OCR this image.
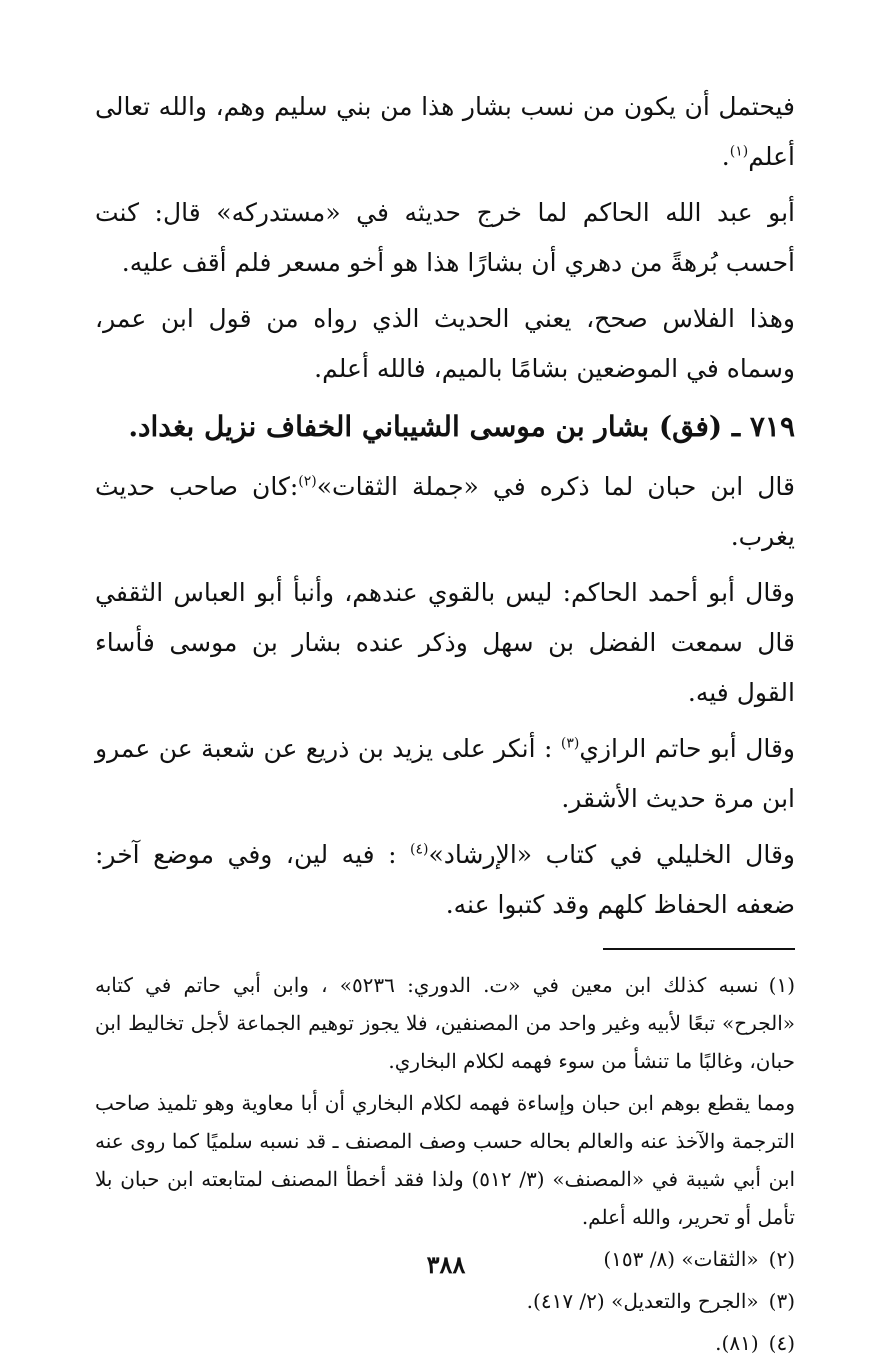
فيحتمل أن يكون من نسب بشار هذا من بني سليم وهم، والله تعالى أعلم$^{(١)}$.

أبو عبد الله الحاكم لما خرج حديثه في «مستدركه» قال: كنت أحسب بُرهةً من دهري أن بشارًا هذا هو أخو مسعر فلم أقف عليه.

وهذا الفلاس صحح، يعني الحديث الذي رواه من قول ابن عمر، وسماه في الموضعين بشامًا بالميم، فالله أعلم.

٧١٩ ـ (فق) بشار بن موسى الشيباني الخفاف نزيل بغداد.

قال ابن حبان لما ذكره في «جملة الثقات»$^{(٢)}$:كان صاحب حديث يغرب.

وقال أبو أحمد الحاكم: ليس بالقوي عندهم، وأنبأ أبو العباس الثقفي قال سمعت الفضل بن سهل وذكر عنده بشار بن موسى فأساء القول فيه.

وقال أبو حاتم الرازي$^{(٣)}$ : أنكر على يزيد بن ذريع عن شعبة عن عمرو ابن مرة حديث الأشقر.

وقال الخليلي في كتاب «الإرشاد»$^{(٤)}$ : فيه لين، وفي موضع آخر: ضعفه الحفاظ كلهم وقد كتبوا عنه.

(١)نسبه كذلك ابن معين في «ت. الدوري: ٥٢٣٦» ، وابن أبي حاتم في كتابه «الجرح» تبعًا لأبيه وغير واحد من المصنفين، فلا يجوز توهيم الجماعة لأجل تخاليط ابن حبان، وغالبًا ما تنشأ من سوء فهمه لكلام البخاري.

ومما يقطع بوهم ابن حبان وإساءة فهمه لكلام البخاري أن أبا معاوية وهو تلميذ صاحب الترجمة والآخذ عنه والعالم بحاله حسب وصف المصنف ـ قد نسبه سلميًا كما روى عنه ابن أبي شيبة في «المصنف» (٣/ ٥١٢) ولذا فقد أخطأ المصنف لمتابعته ابن حبان بلا تأمل أو تحرير، والله أعلم.

(٢)«الثقات» (٨/ ١٥٣)

(٣)«الجرح والتعديل» (٢/ ٤١٧).

(٤)(٨١).

٣٨٨
